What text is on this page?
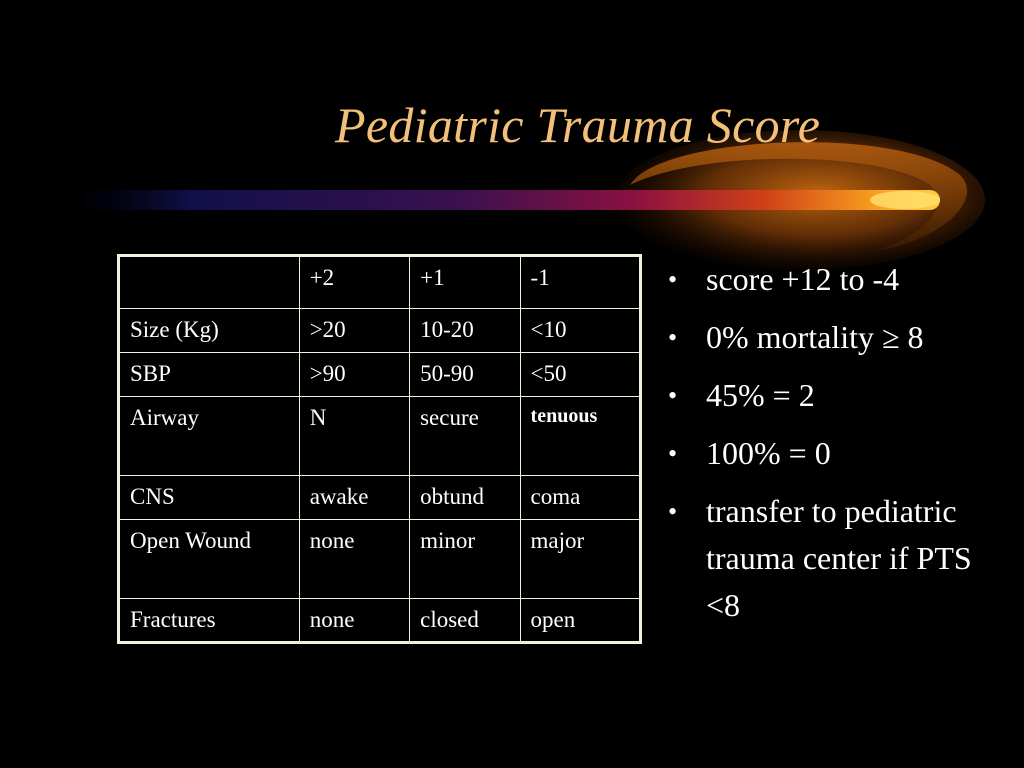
Pediatric Trauma Score
	+2	+1	-1
Size (Kg)	>20	10-20	<10
SBP	>90	50-90	<50
Airway	N	secure	tenuous
CNS	awake	obtund	coma
Open Wound	none	minor	major
Fractures	none	closed	open
• score +12 to -4
• 0% mortality ≥ 8
• 45% = 2
• 100% = 0
• transfer to pediatric trauma center if PTS <8
